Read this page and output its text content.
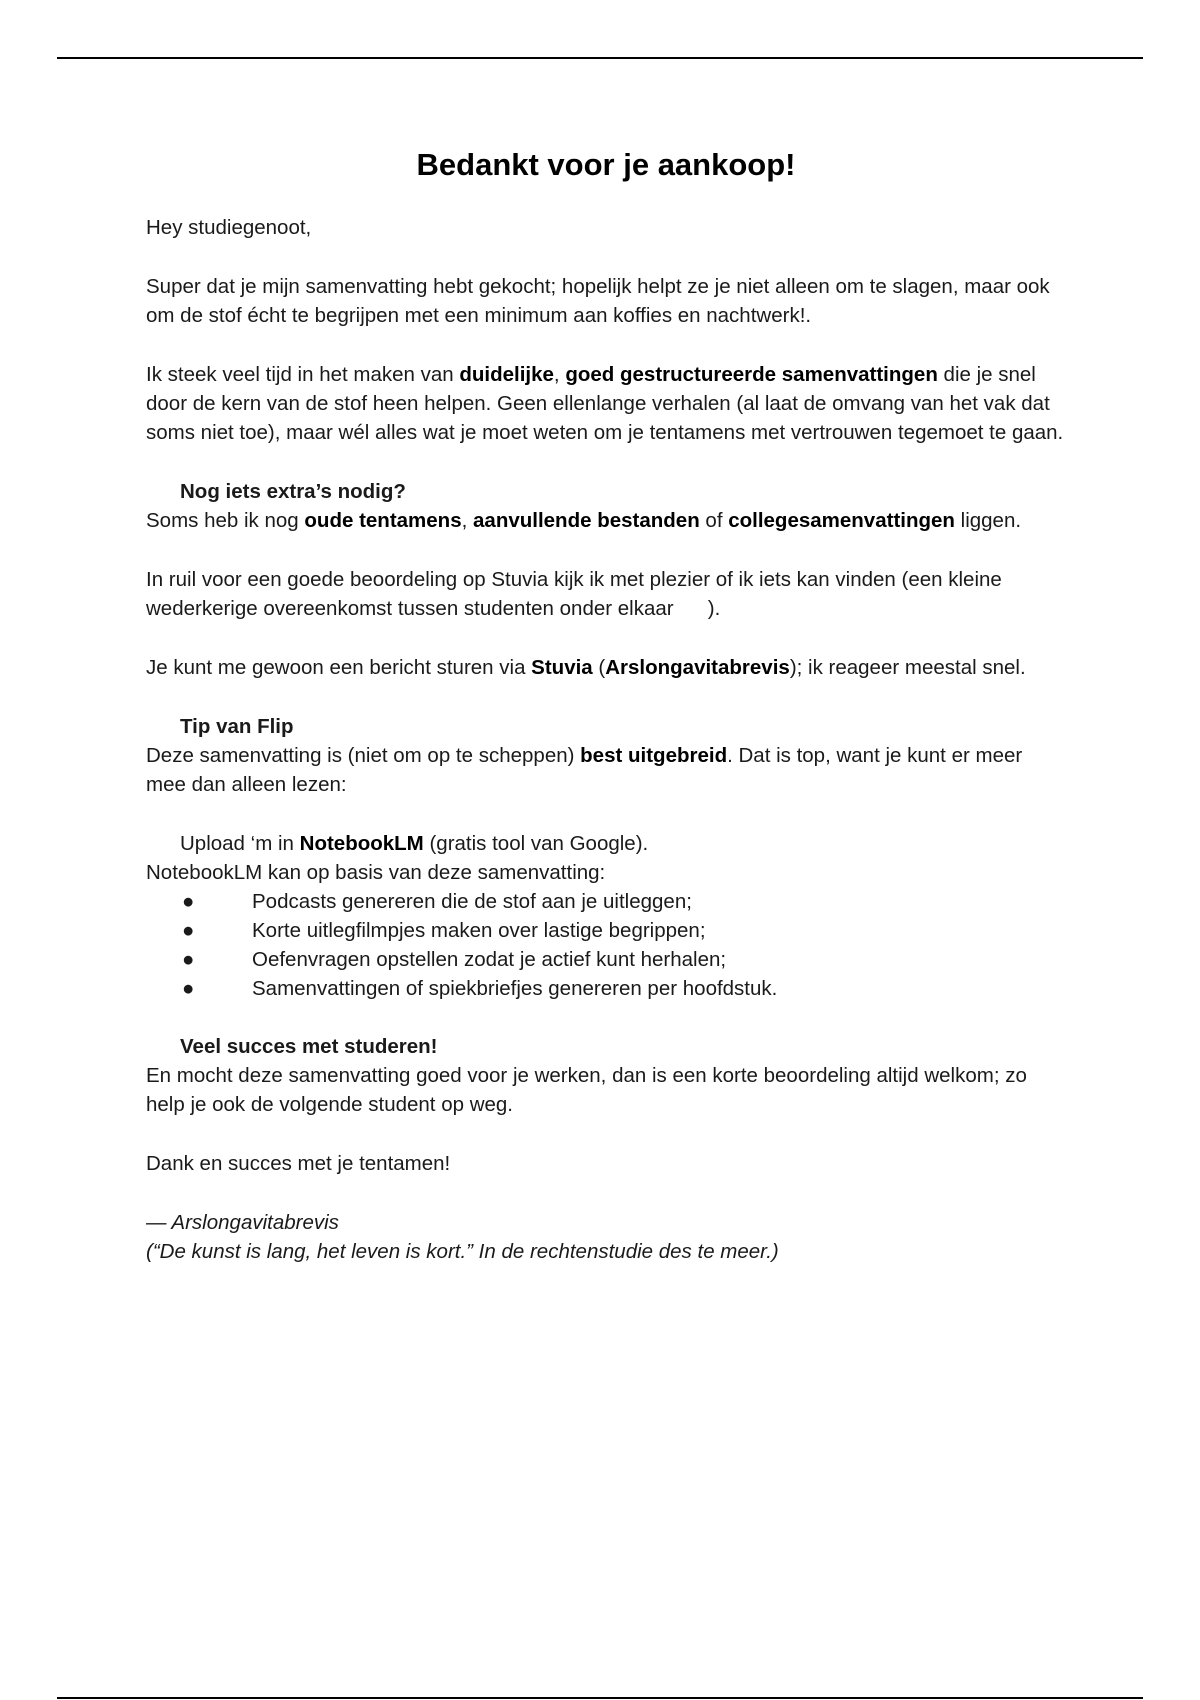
Bedankt voor je aankoop!

Hey studiegenoot,

Super dat je mijn samenvatting hebt gekocht; hopelijk helpt ze je niet alleen om te slagen, maar ook om de stof écht te begrijpen met een minimum aan koffies en nachtwerk!.

Ik steek veel tijd in het maken van duidelijke, goed gestructureerde samenvattingen die je snel door de kern van de stof heen helpen. Geen ellenlange verhalen (al laat de omvang van het vak dat soms niet toe), maar wél alles wat je moet weten om je tentamens met vertrouwen tegemoet te gaan.

Nog iets extra’s nodig?

Soms heb ik nog oude tentamens, aanvullende bestanden of collegesamenvattingen liggen.

In ruil voor een goede beoordeling op Stuvia kijk ik met plezier of ik iets kan vinden (een kleine wederkerige overeenkomst tussen studenten onder elkaar      ).

Je kunt me gewoon een bericht sturen via Stuvia (Arslongavitabrevis); ik reageer meestal snel.

Tip van Flip

Deze samenvatting is (niet om op te scheppen) best uitgebreid. Dat is top, want je kunt er meer mee dan alleen lezen:

Upload ‘m in NotebookLM (gratis tool van Google).
NotebookLM kan op basis van deze samenvatting:
●	Podcasts genereren die de stof aan je uitleggen;
●	Korte uitlegfilmpjes maken over lastige begrippen;
●	Oefenvragen opstellen zodat je actief kunt herhalen;
●	Samenvattingen of spiekbriefjes genereren per hoofdstuk.
Veel succes met studeren!

En mocht deze samenvatting goed voor je werken, dan is een korte beoordeling altijd welkom; zo help je ook de volgende student op weg.

Dank en succes met je tentamen!

— Arslongavitabrevis
(“De kunst is lang, het leven is kort.” In de rechtenstudie des te meer.)
